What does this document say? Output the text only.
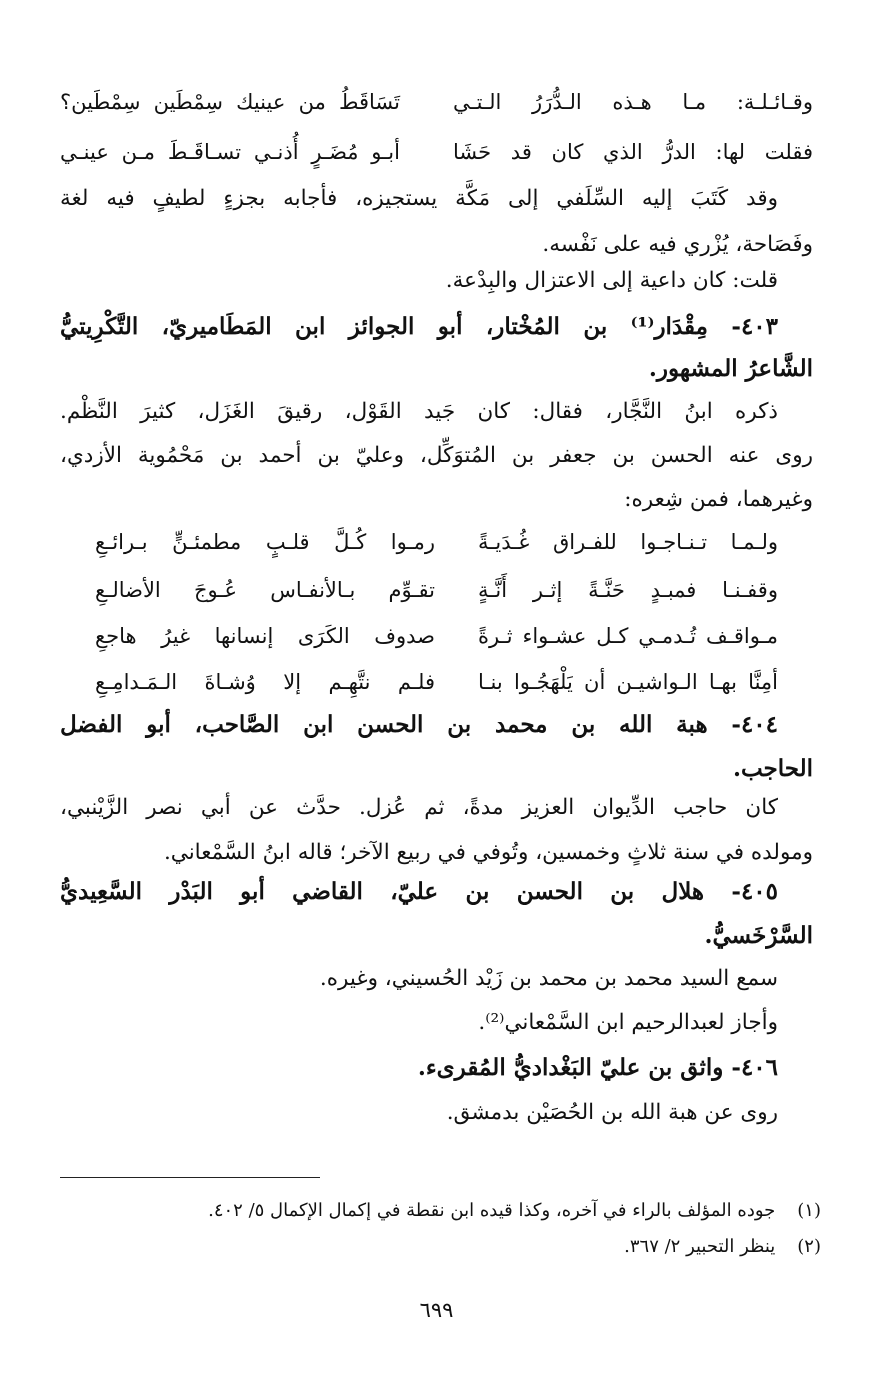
وقـائـلـة: مـا هـذه الـدُّرَرُ الـتـي
تَسَاقَطُ من عينيك سِمْطَين سِمْطَين؟
فقلت لها: الدرُّ الذي كان قد حَشَا
أبـو مُضَـرٍ أُذنـي تسـاقَـطَ مـن عينـي
وقد كَتَبَ إليه السِّلَفي إلى مَكَّة يستجيزه، فأجابه بجزءٍ لطيفٍ فيه لغة
وفَصَاحة، يُزْري فيه على نَفْسه.
قلت: كان داعية إلى الاعتزال والبِدْعة.
٤٠٣- مِقْدَار⁽¹⁾ بن المُخْتار، أبو الجوائز ابن المَطَاميريّ، التَّكْرِيتيُّ
الشَّاعرُ المشهور.
ذكره ابنُ النَّجَّار، فقال: كان جَيد القَوْل، رقيقَ الغَزَل، كثيرَ النَّظْم.
روى عنه الحسن بن جعفر بن المُتوَكِّل، وعليّ بن أحمد بن مَحْمُوية الأزدي،
وغيرهما، فمن شِعره:
ولـمـا تـنـاجـوا للفـراق غُـدَيـةً
رمـوا كُـلَّ قلـبٍ مطمئـنٍّ بـرائـعِ
وقفـنـا فمبـدٍ حَنَّـةً إثـر أَنَّـةٍ
تقـوِّم بـالأنفـاس عُـوجَ الأضالـعِ
مـواقـف تُـدمـي كـل عشـواء ثـرةً
صدوف الكَرَى إنسانها غيرُ هاجعِ
أمِنَّا بهـا الـواشيـن أن يَلْهَجُـوا بنـا
فلـم نتَّهِـم إلا وُشـاةَ الـمَـدامِـعِ
٤٠٤- هبة الله بن محمد بن الحسن ابن الصَّاحب، أبو الفضل
الحاجب.
كان حاجب الدِّيوان العزيز مدةً، ثم عُزل. حدَّث عن أبي نصر الزَّيْنبي،
ومولده في سنة ثلاثٍ وخمسين، وتُوفي في ربيع الآخر؛ قاله ابنُ السَّمْعاني.
٤٠٥- هلال بن الحسن بن عليّ، القاضي أبو البَدْر السَّعِيديُّ
السَّرْخَسيُّ.
سمع السيد محمد بن محمد بن زَيْد الحُسيني، وغيره.
وأجاز لعبدالرحيم ابن السَّمْعاني⁽²⁾.
٤٠٦- واثق بن عليّ البَغْداديُّ المُقرىء.
روى عن هبة الله بن الحُصَيْن بدمشق.
(١) جوده المؤلف بالراء في آخره، وكذا قيده ابن نقطة في إكمال الإكمال ٥/ ٤٠٢.
(٢) ينظر التحبير ٢/ ٣٦٧.
٦٩٩
